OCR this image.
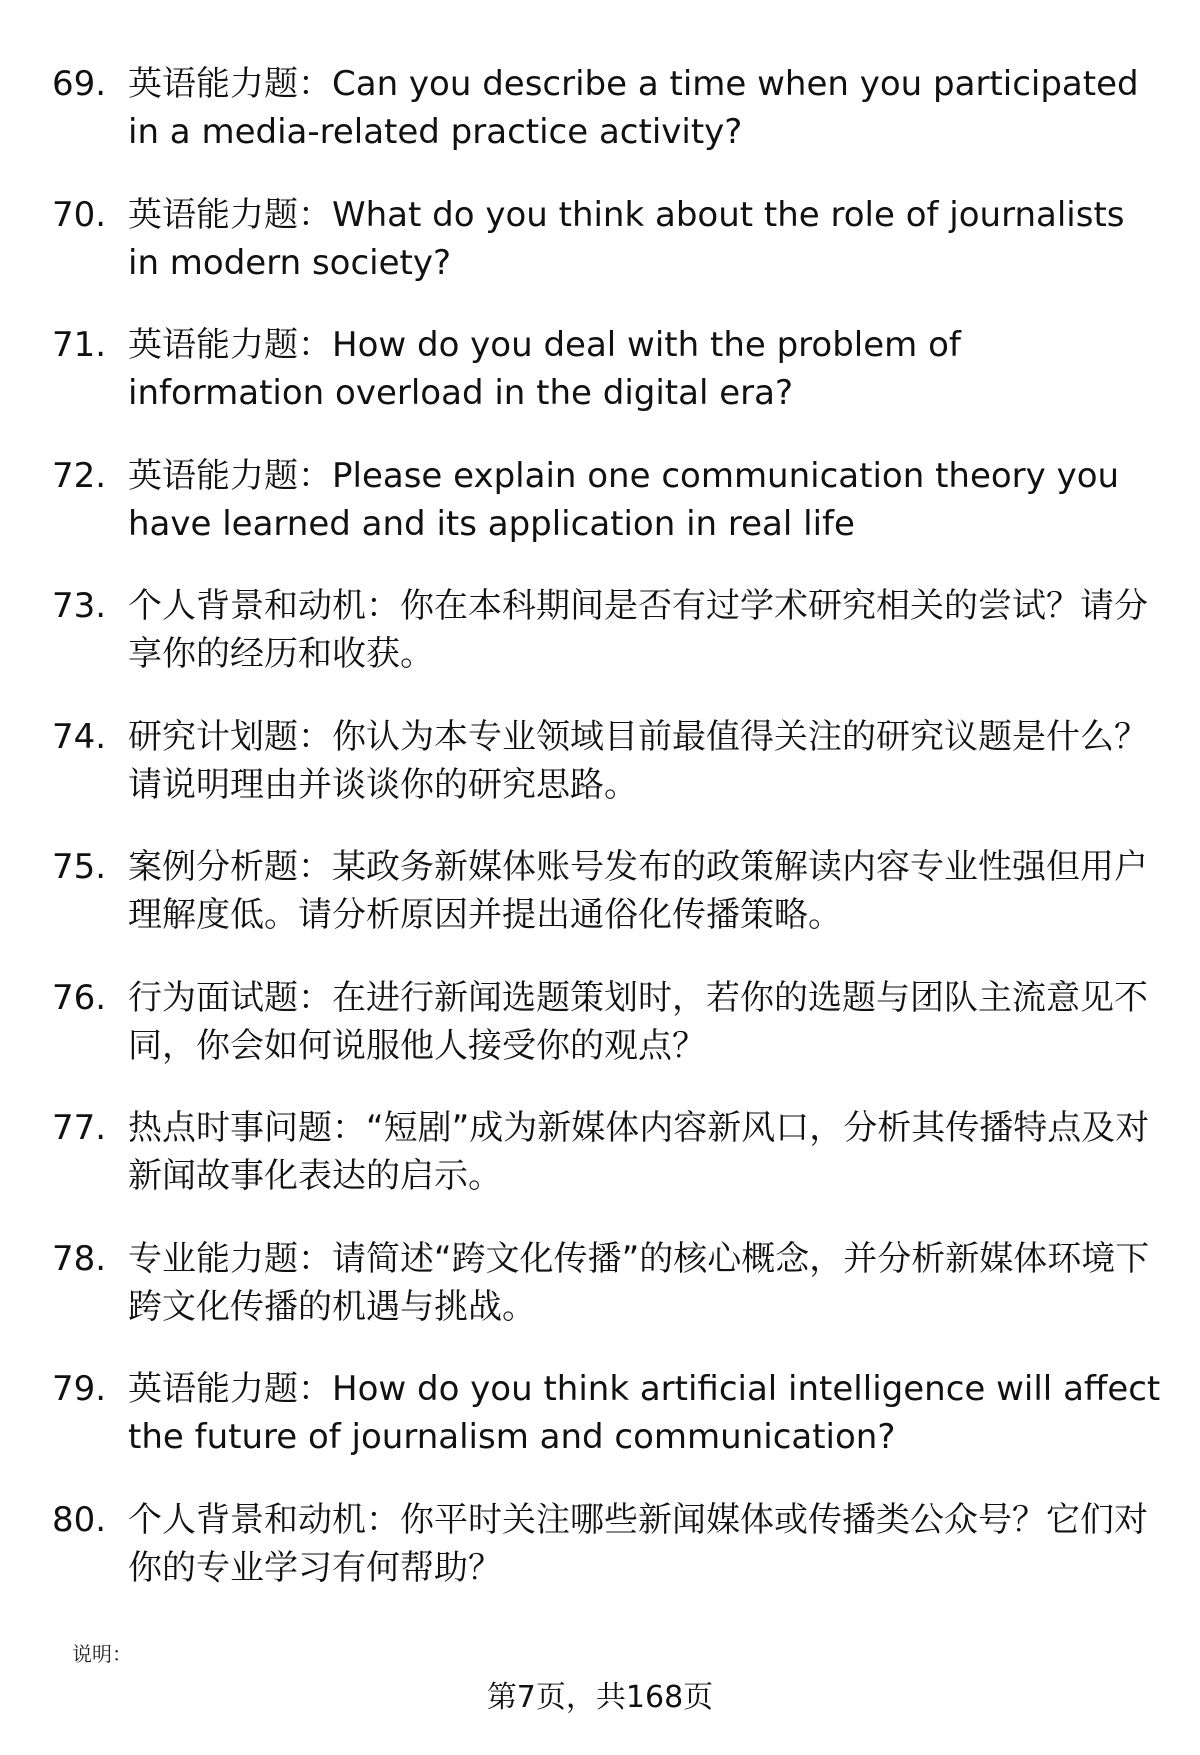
69. 英语能力题：Can you describe a time when you participated in a media-related practice activity?
70. 英语能力题：What do you think about the role of journalists in modern society?
71. 英语能力题：How do you deal with the problem of information overload in the digital era?
72. 英语能力题：Please explain one communication theory you have learned and its application in real life
73. 个人背景和动机：你在本科期间是否有过学术研究相关的尝试？请分享你的经历和收获。
74. 研究计划题：你认为本专业领域目前最值得关注的研究议题是什么？请说明理由并谈谈你的研究思路。
75. 案例分析题：某政务新媒体账号发布的政策解读内容专业性强但用户理解度低。请分析原因并提出通俗化传播策略。
76. 行为面试题：在进行新闻选题策划时，若你的选题与团队主流意见不同，你会如何说服他人接受你的观点？
77. 热点时事问题：“短剧”成为新媒体内容新风口，分析其传播特点及对新闻故事化表达的启示。
78. 专业能力题：请简述“跨文化传播”的核心概念，并分析新媒体环境下跨文化传播的机遇与挑战。
79. 英语能力题：How do you think artificial intelligence will affect the future of journalism and communication?
80. 个人背景和动机：你平时关注哪些新闻媒体或传播类公众号？它们对你的专业学习有何帮助？
说明：
第7页，共168页
